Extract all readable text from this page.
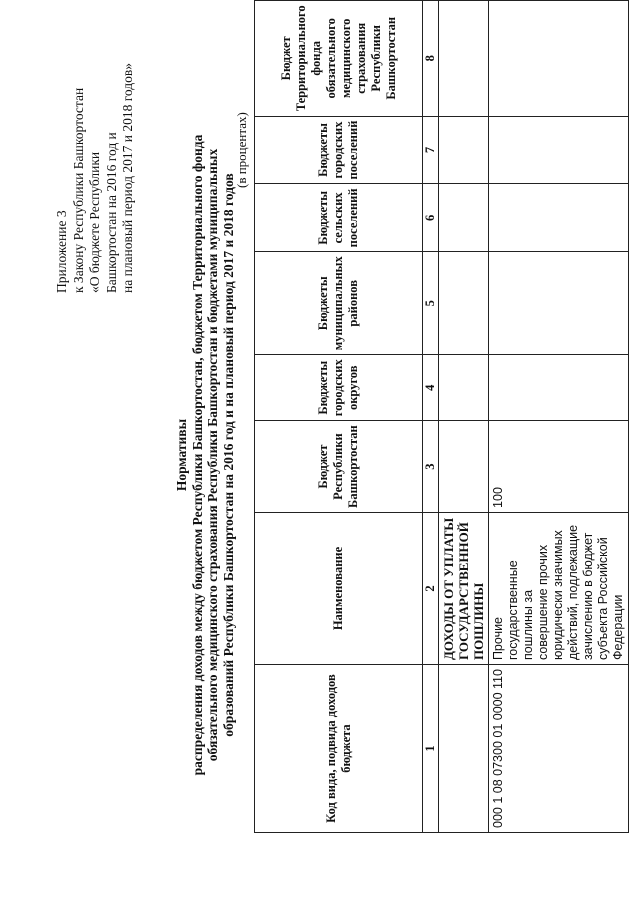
Приложение 3 к Закону Республики Башкортостан «О бюджете Республики Башкортостан на 2016 год и на плановый период 2017 и 2018 годов»
Нормативы распределения доходов между бюджетом Республики Башкортостан, бюджетом Территориального фонда обязательного медицинского страхования Республики Башкортостан и бюджетами муниципальных образований Республики Башкортостан на 2016 год и на плановый период 2017 и 2018 годов
(в процентах)
Код вида, подвида доходов бюджета	Наименование	Бюджет Республики Башкортостан	Бюджеты городских округов	Бюджеты муниципальных районов	Бюджеты сельских поселений	Бюджеты городских поселений	Бюджет Территориального фонда обязательного медицинского страхования Республики Башкортостан
1	2	3	4	5	6	7	8
	ДОХОДЫ ОТ УПЛАТЫ ГОСУДАРСТВЕННОЙ ПОШЛИНЫ						
000 1 08 07300 01 0000 110	Прочие государственные пошлины за совершение прочих юридически значимых действий, подлежащие зачислению в бюджет субъекта Российской Федерации	100					
